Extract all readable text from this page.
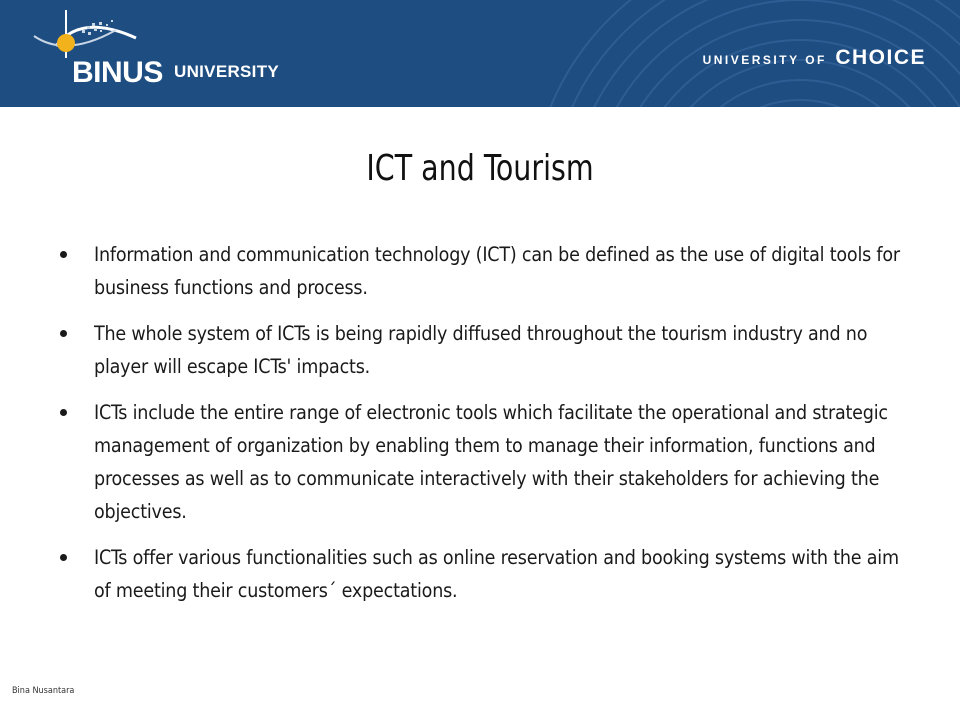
BINUS UNIVERSITY
UNIVERSITY OF CHOICE
ICT and Tourism
Information and communication technology (ICT) can be defined as the use of digital tools for business functions and process.
The whole system of ICTs is being rapidly diffused throughout the tourism industry and no player will escape ICTs' impacts.
ICTs include the entire range of electronic tools which facilitate the operational and strategic management of organization by enabling them to manage their information, functions and processes as well as to communicate interactively with their stakeholders for achieving the objectives.
ICTs offer various functionalities such as online reservation and booking systems with the aim of meeting their customers´ expectations.
Bina Nusantara
